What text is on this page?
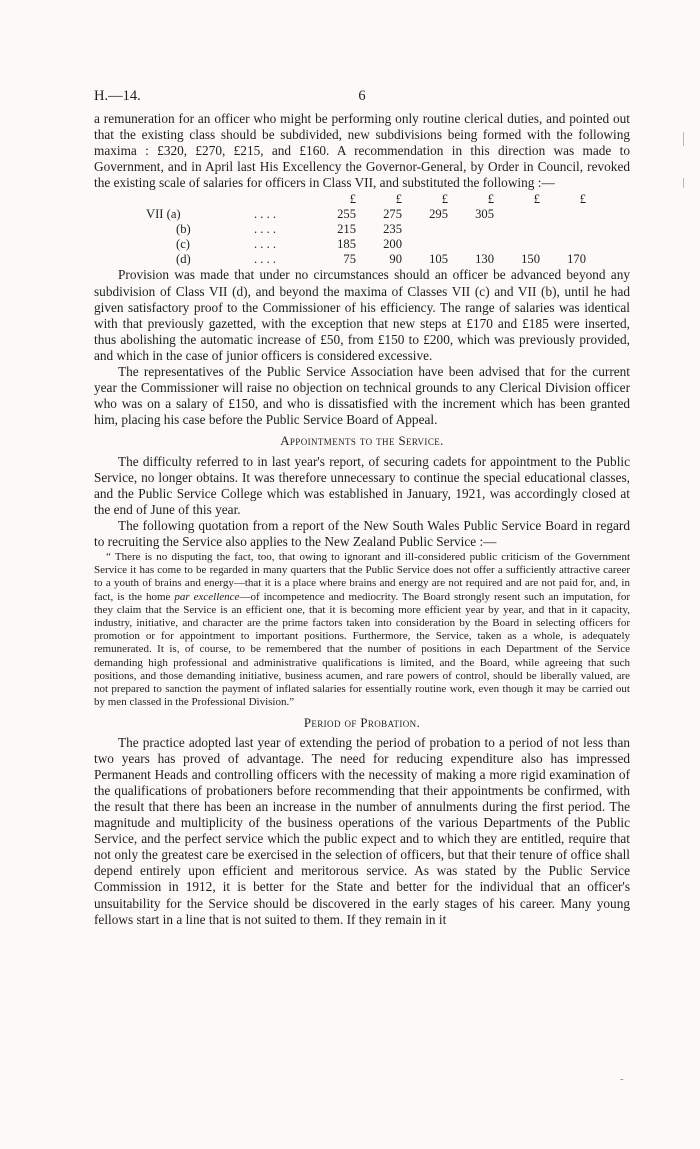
H.—14.	6

a remuneration for an officer who might be performing only routine clerical duties, and pointed out that the existing class should be subdivided, new subdivisions being formed with the following maxima : £320, £270, £215, and £160. A recommendation in this direction was made to Government, and in April last His Excellency the Governor-General, by Order in Council, revoked the existing scale of salaries for officers in Class VII, and substituted the following :—

		£	£	£	£	£	£
VII (a)	. . . .	255	275	295	305		
(b)	. . . .	215	235				
(c)	. . . .	185	200				
(d)	. . . .	75	90	105	130	150	170

Provision was made that under no circumstances should an officer be advanced beyond any subdivision of Class VII (d), and beyond the maxima of Classes VII (c) and VII (b), until he had given satisfactory proof to the Commissioner of his efficiency. The range of salaries was identical with that previously gazetted, with the exception that new steps at £170 and £185 were inserted, thus abolishing the automatic increase of £50, from £150 to £200, which was previously provided, and which in the case of junior officers is considered excessive.

The representatives of the Public Service Association have been advised that for the current year the Commissioner will raise no objection on technical grounds to any Clerical Division officer who was on a salary of £150, and who is dissatisfied with the increment which has been granted him, placing his case before the Public Service Board of Appeal.

Appointments to the Service.

The difficulty referred to in last year's report, of securing cadets for appointment to the Public Service, no longer obtains. It was therefore unnecessary to continue the special educational classes, and the Public Service College which was established in January, 1921, was accordingly closed at the end of June of this year.

The following quotation from a report of the New South Wales Public Service Board in regard to recruiting the Service also applies to the New Zealand Public Service :—

“ There is no disputing the fact, too, that owing to ignorant and ill-considered public criticism of the Government Service it has come to be regarded in many quarters that the Public Service does not offer a sufficiently attractive career to a youth of brains and energy—that it is a place where brains and energy are not required and are not paid for, and, in fact, is the home par excellence—of incompetence and mediocrity. The Board strongly resent such an imputation, for they claim that the Service is an efficient one, that it is becoming more efficient year by year, and that in it capacity, industry, initiative, and character are the prime factors taken into consideration by the Board in selecting officers for promotion or for appointment to important positions. Furthermore, the Service, taken as a whole, is adequately remunerated. It is, of course, to be remembered that the number of positions in each Department of the Service demanding high professional and administrative qualifications is limited, and the Board, while agreeing that such positions, and those demanding initiative, business acumen, and rare powers of control, should be liberally valued, are not prepared to sanction the payment of inflated salaries for essentially routine work, even though it may be carried out by men classed in the Professional Division.”

Period of Probation.

The practice adopted last year of extending the period of probation to a period of not less than two years has proved of advantage. The need for reducing expenditure also has impressed Permanent Heads and controlling officers with the necessity of making a more rigid examination of the qualifications of probationers before recommending that their appointments be confirmed, with the result that there has been an increase in the number of annulments during the first period. The magnitude and multiplicity of the business operations of the various Departments of the Public Service, and the perfect service which the public expect and to which they are entitled, require that not only the greatest care be exercised in the selection of officers, but that their tenure of office shall depend entirely upon efficient and meritorous service. As was stated by the Public Service Commission in 1912, it is better for the State and better for the individual that an officer's unsuitability for the Service should be discovered in the early stages of his career. Many young fellows start in a line that is not suited to them. If they remain in it

-
